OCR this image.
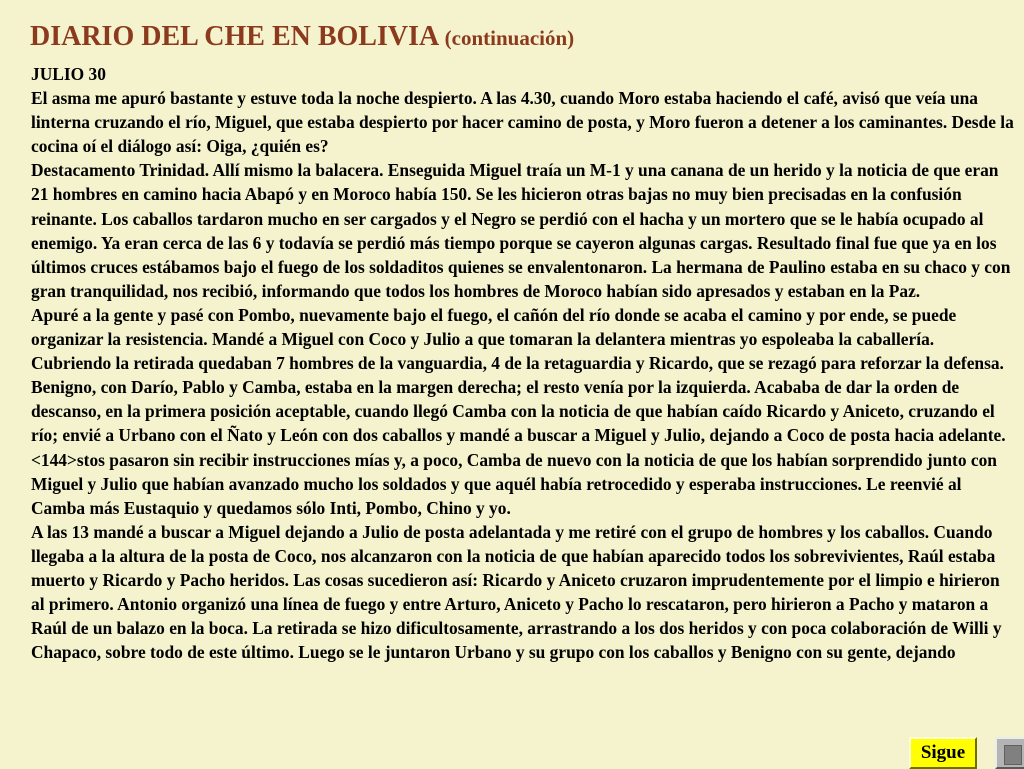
DIARIO DEL CHE EN BOLIVIA (continuación)

JULIO 30

El asma me apuró bastante y estuve toda la noche despierto. A las 4.30, cuando Moro estaba haciendo el café, avisó que veía una linterna cruzando el río, Miguel, que estaba despierto por hacer camino de posta, y Moro fueron a detener a los caminantes. Desde la cocina oí el diálogo así: Oiga, ¿quién es?

Destacamento Trinidad. Allí mismo la balacera. Enseguida Miguel traía un M-1 y una canana de un herido y la noticia de que eran 21 hombres en camino hacia Abapó y en Moroco había 150. Se les hicieron otras bajas no muy bien precisadas en la confusión reinante. Los caballos tardaron mucho en ser cargados y el Negro se perdió con el hacha y un mortero que se le había ocupado al enemigo. Ya eran cerca de las 6 y todavía se perdió más tiempo porque se cayeron algunas cargas. Resultado final fue que ya en los últimos cruces estábamos bajo el fuego de los soldaditos quienes se envalentonaron. La hermana de Paulino estaba en su chaco y con gran tranquilidad, nos recibió, informando que todos los hombres de Moroco habían sido apresados y estaban en la Paz.

Apuré a la gente y pasé con Pombo, nuevamente bajo el fuego, el cañón del río donde se acaba el camino y por ende, se puede organizar la resistencia. Mandé a Miguel con Coco y Julio a que tomaran la delantera mientras yo espoleaba la caballería. Cubriendo la retirada quedaban 7 hombres de la vanguardia, 4 de la retaguardia y Ricardo, que se rezagó para reforzar la defensa. Benigno, con Darío, Pablo y Camba, estaba en la margen derecha; el resto venía por la izquierda. Acababa de dar la orden de descanso, en la primera posición aceptable, cuando llegó Camba con la noticia de que habían caído Ricardo y Aniceto, cruzando el río; envié a Urbano con el Ñato y León con dos caballos y mandé a buscar a Miguel y Julio, dejando a Coco de posta hacia adelante. <144>stos pasaron sin recibir instrucciones mías y, a poco, Camba de nuevo con la noticia de que los habían sorprendido junto con Miguel y Julio que habían avanzado mucho los soldados y que aquél había retrocedido y esperaba instrucciones. Le reenvié al Camba más Eustaquio y quedamos sólo Inti, Pombo, Chino y yo.

A las 13 mandé a buscar a Miguel dejando a Julio de posta adelantada y me retiré con el grupo de hombres y los caballos. Cuando llegaba a la altura de la posta de Coco, nos alcanzaron con la noticia de que habían aparecido todos los sobrevivientes, Raúl estaba muerto y Ricardo y Pacho heridos. Las cosas sucedieron así: Ricardo y Aniceto cruzaron imprudentemente por el limpio e hirieron al primero. Antonio organizó una línea de fuego y entre Arturo, Aniceto y Pacho lo rescataron, pero hirieron a Pacho y mataron a Raúl de un balazo en la boca. La retirada se hizo dificultosamente, arrastrando a los dos heridos y con poca colaboración de Willi y Chapaco, sobre todo de este último. Luego se le juntaron Urbano y su grupo con los caballos y Benigno con su gente, dejando

Sigue
